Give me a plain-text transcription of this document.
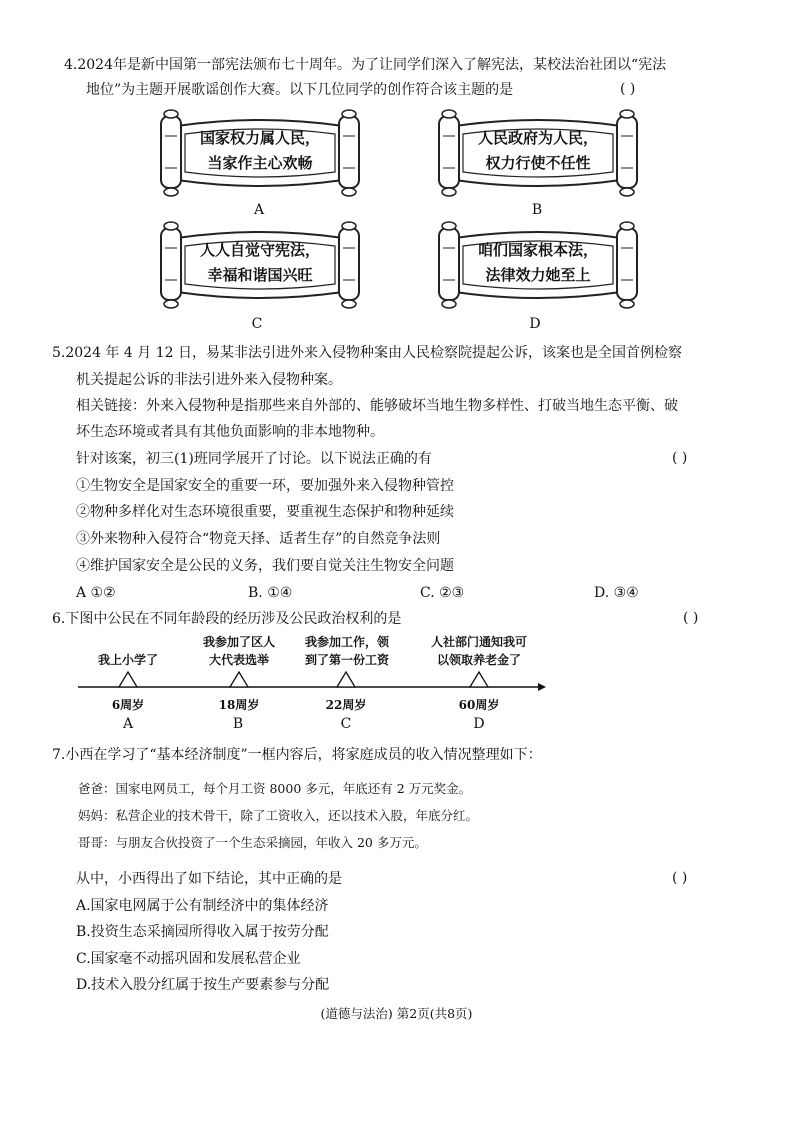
4.2024年是新中国第一部宪法颁布七十周年。为了让同学们深入了解宪法，某校法治社团以“宪法
地位”为主题开展歌谣创作大赛。以下几位同学的创作符合该主题的是	( )
国家权力属人民，
当家作主心欢畅
A
人民政府为人民，
权力行使不任性
B
人人自觉守宪法，
幸福和谐国兴旺
C
咱们国家根本法，
法律效力她至上
D
5.2024 年 4 月 12 日，易某非法引进外来入侵物种案由人民检察院提起公诉，该案也是全国首例检察
机关提起公诉的非法引进外来入侵物种案。
相关链接：外来入侵物种是指那些来自外部的、能够破坏当地生物多样性、打破当地生态平衡、破
坏生态环境或者具有其他负面影响的非本地物种。
针对该案，初三(1)班同学展开了讨论。以下说法正确的有	( )
①生物安全是国家安全的重要一环，要加强外来入侵物种管控
②物种多样化对生态环境很重要，要重视生态保护和物种延续
③外来物种入侵符合“物竞天择、适者生存”的自然竞争法则
④维护国家安全是公民的义务，我们要自觉关注生物安全问题
A ①②	B. ①④	C. ②③	D. ③④
6.下图中公民在不同年龄段的经历涉及公民政治权利的是	( )
我上小学了
6周岁
A
我参加了区人
大代表选举
18周岁
B
我参加工作，领
到了第一份工资
22周岁
C
人社部门通知我可
以领取养老金了
60周岁
D
7.小西在学习了“基本经济制度”一框内容后，将家庭成员的收入情况整理如下：
爸爸：国家电网员工，每个月工资 8000 多元，年底还有 2 万元奖金。
妈妈：私营企业的技术骨干，除了工资收入，还以技术入股，年底分红。
哥哥：与朋友合伙投资了一个生态采摘园，年收入 20 多万元。
从中，小西得出了如下结论，其中正确的是	( )
A.国家电网属于公有制经济中的集体经济
B.投资生态采摘园所得收入属于按劳分配
C.国家毫不动摇巩固和发展私营企业
D.技术入股分红属于按生产要素参与分配
(道德与法治) 第2页(共8页)
